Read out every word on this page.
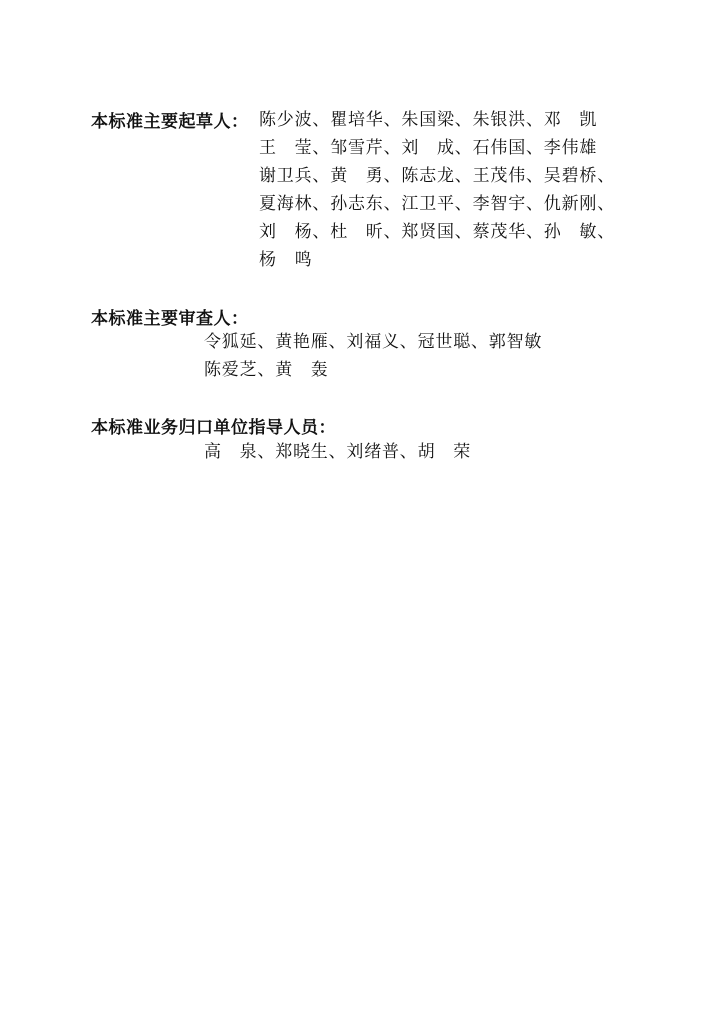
本标准主要起草人： 陈少波、瞿培华、朱国梁、朱银洪、邓　凯
王　莹、邹雪芹、刘　成、石伟国、李伟雄
谢卫兵、黄　勇、陈志龙、王茂伟、吴碧桥、
夏海林、孙志东、江卫平、李智宇、仇新刚、
刘　杨、杜　昕、郑贤国、蔡茂华、孙　敏、
杨　鸣
本标准主要审查人：
令狐延、黄艳雁、刘福义、冠世聪、郭智敏
陈爱芝、黄　轰
本标准业务归口单位指导人员：
高　泉、郑晓生、刘绪普、胡　荣
